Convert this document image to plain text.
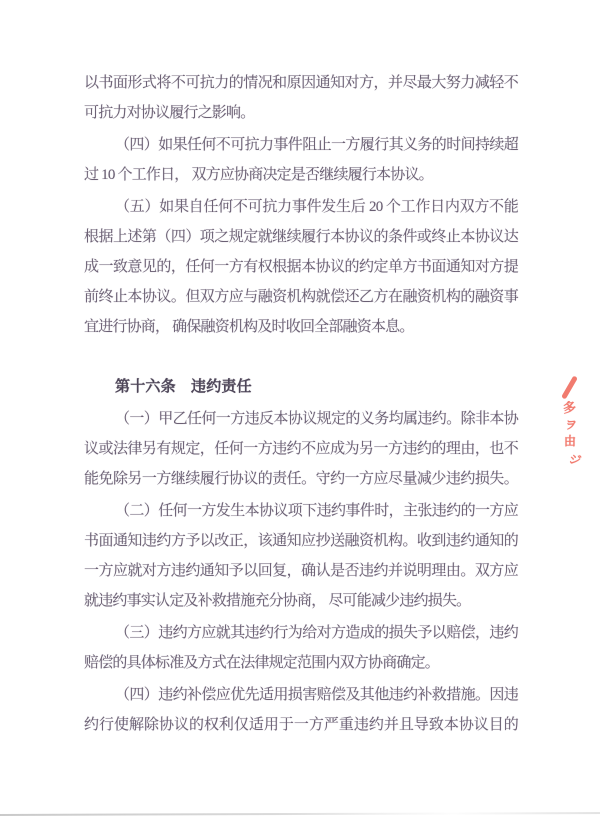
以书面形式将不可抗力的情况和原因通知对方，并尽最大努力减轻不
可抗力对协议履行之影响。
（四）如果任何不可抗力事件阻止一方履行其义务的时间持续超
过 10 个工作日， 双方应协商决定是否继续履行本协议。
（五）如果自任何不可抗力事件发生后 20 个工作日内双方不能
根据上述第（四）项之规定就继续履行本协议的条件或终止本协议达
成一致意见的，任何一方有权根据本协议的约定单方书面通知对方提
前终止本协议。但双方应与融资机构就偿还乙方在融资机构的融资事
宜进行协商， 确保融资机构及时收回全部融资本息。
第十六条　违约责任
（一）甲乙任何一方违反本协议规定的义务均属违约。除非本协
议或法律另有规定，任何一方违约不应成为另一方违约的理由，也不
能免除另一方继续履行协议的责任。守约一方应尽量减少违约损失。
（二）任何一方发生本协议项下违约事件时，主张违约的一方应
书面通知违约方予以改正，该通知应抄送融资机构。收到违约通知的
一方应就对方违约通知予以回复，确认是否违约并说明理由。双方应
就违约事实认定及补救措施充分协商， 尽可能减少违约损失。
（三）违约方应就其违约行为给对方造成的损失予以赔偿，违约
赔偿的具体标准及方式在法律规定范围内双方协商确定。
（四）违约补偿应优先适用损害赔偿及其他违约补救措施。因违
约行使解除协议的权利仅适用于一方严重违约并且导致本协议目的
多
ヲ
由
ジ
